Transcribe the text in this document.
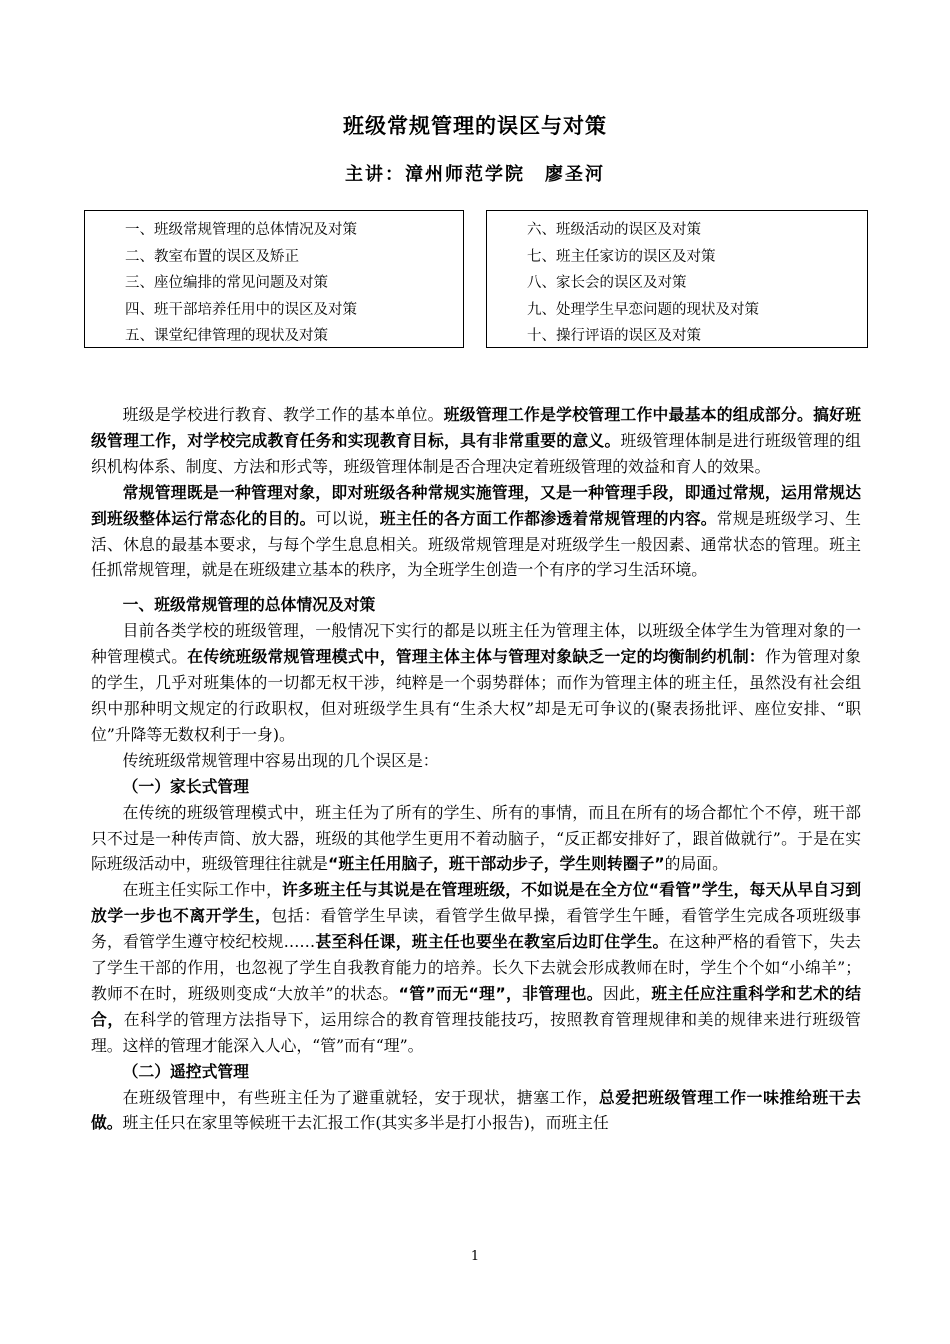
班级常规管理的误区与对策
主讲：漳州师范学院　廖圣河
一、班级常规管理的总体情况及对策
二、教室布置的误区及矫正
三、座位编排的常见问题及对策
四、班干部培养任用中的误区及对策
五、课堂纪律管理的现状及对策
六、班级活动的误区及对策
七、班主任家访的误区及对策
八、家长会的误区及对策
九、处理学生早恋问题的现状及对策
十、操行评语的误区及对策

班级是学校进行教育、教学工作的基本单位。班级管理工作是学校管理工作中最基本的组成部分。搞好班级管理工作，对学校完成教育任务和实现教育目标，具有非常重要的意义。班级管理体制是进行班级管理的组织机构体系、制度、方法和形式等，班级管理体制是否合理决定着班级管理的效益和育人的效果。

常规管理既是一种管理对象，即对班级各种常规实施管理，又是一种管理手段，即通过常规，运用常规达到班级整体运行常态化的目的。可以说，班主任的各方面工作都渗透着常规管理的内容。常规是班级学习、生活、休息的最基本要求，与每个学生息息相关。班级常规管理是对班级学生一般因素、通常状态的管理。班主任抓常规管理，就是在班级建立基本的秩序，为全班学生创造一个有序的学习生活环境。

一、班级常规管理的总体情况及对策

目前各类学校的班级管理，一般情况下实行的都是以班主任为管理主体，以班级全体学生为管理对象的一种管理模式。在传统班级常规管理模式中，管理主体主体与管理对象缺乏一定的均衡制约机制：作为管理对象的学生，几乎对班集体的一切都无权干涉，纯粹是一个弱势群体；而作为管理主体的班主任，虽然没有社会组织中那种明文规定的行政职权，但对班级学生具有“生杀大权”却是无可争议的(聚表扬批评、座位安排、“职位”升降等无数权利于一身)。

传统班级常规管理中容易出现的几个误区是：

（一）家长式管理

在传统的班级管理模式中，班主任为了所有的学生、所有的事情，而且在所有的场合都忙个不停，班干部只不过是一种传声筒、放大器，班级的其他学生更用不着动脑子，“反正都安排好了，跟首做就行”。于是在实际班级活动中，班级管理往往就是“班主任用脑子，班干部动步子，学生则转圈子”的局面。

在班主任实际工作中，许多班主任与其说是在管理班级，不如说是在全方位“看管”学生，每天从早自习到放学一步也不离开学生，包括：看管学生早读，看管学生做早操，看管学生午睡，看管学生完成各项班级事务，看管学生遵守校纪校规……甚至科任课，班主任也要坐在教室后边盯住学生。在这种严格的看管下，失去了学生干部的作用，也忽视了学生自我教育能力的培养。长久下去就会形成教师在时，学生个个如“小绵羊”；教师不在时，班级则变成“大放羊”的状态。“管”而无“理”，非管理也。因此，班主任应注重科学和艺术的结合，在科学的管理方法指导下，运用综合的教育管理技能技巧，按照教育管理规律和美的规律来进行班级管理。这样的管理才能深入人心，“管”而有“理”。

（二）遥控式管理

在班级管理中，有些班主任为了避重就轻，安于现状，搪塞工作，总爱把班级管理工作一味推给班干去做。班主任只在家里等候班干去汇报工作(其实多半是打小报告)，而班主任

1
